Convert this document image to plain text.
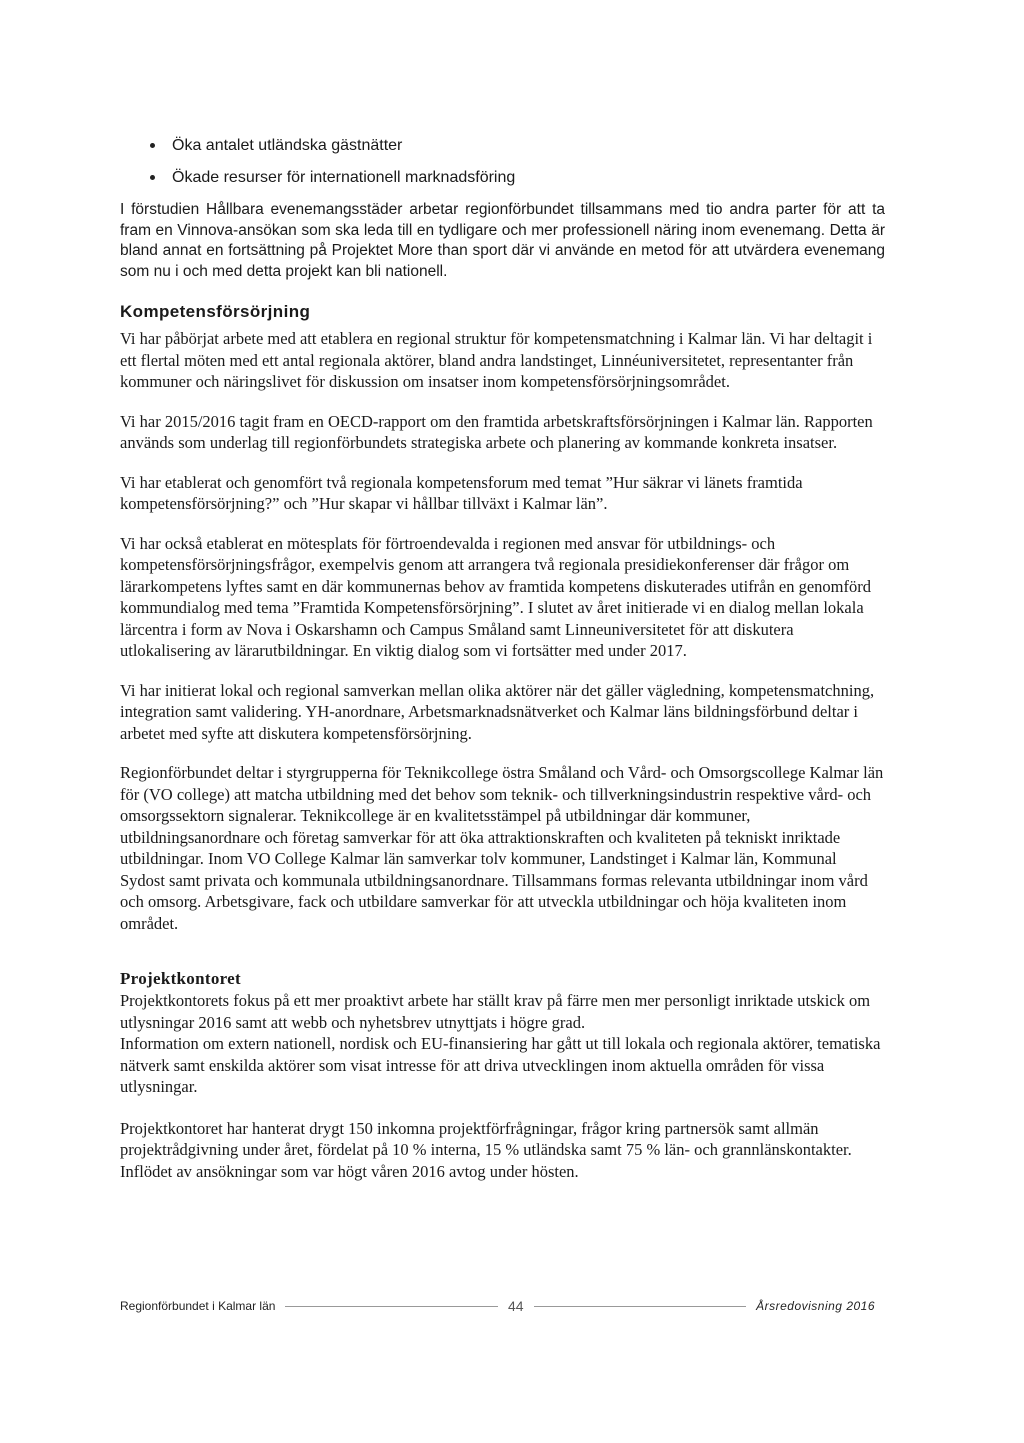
Öka antalet utländska gästnätter
Ökade resurser för internationell marknadsföring

I förstudien Hållbara evenemangsstäder arbetar regionförbundet tillsammans med tio andra parter för att ta fram en Vinnova-ansökan som ska leda till en tydligare och mer professionell näring inom evenemang. Detta är bland annat en fortsättning på Projektet More than sport där vi använde en metod för att utvärdera evenemang som nu i och med detta projekt kan bli nationell.

Kompetensförsörjning

Vi har påbörjat arbete med att etablera en regional struktur för kompetensmatchning i Kalmar län. Vi har deltagit i ett flertal möten med ett antal regionala aktörer, bland andra landstinget, Linnéuniversitetet, representanter från kommuner och näringslivet för diskussion om insatser inom kompetensförsörjningsområdet.

Vi har 2015/2016 tagit fram en OECD-rapport om den framtida arbetskraftsförsörjningen i Kalmar län. Rapporten används som underlag till regionförbundets strategiska arbete och planering av kommande konkreta insatser.

Vi har etablerat och genomfört två regionala kompetensforum med temat ”Hur säkrar vi länets framtida kompetensförsörjning?” och ”Hur skapar vi hållbar tillväxt i Kalmar län”.

Vi har också etablerat en mötesplats för förtroendevalda i regionen med ansvar för utbildnings- och kompetensförsörjningsfrågor, exempelvis genom att arrangera två regionala presidiekonferenser där frågor om lärarkompetens lyftes samt en där kommunernas behov av framtida kompetens diskuterades utifrån en genomförd kommundialog med tema ”Framtida Kompetensförsörjning”. I slutet av året initierade vi en dialog mellan lokala lärcentra i form av Nova i Oskarshamn och Campus Småland samt Linneuniversitetet för att diskutera utlokalisering av lärarutbildningar. En viktig dialog som vi fortsätter med under 2017.

Vi har initierat lokal och regional samverkan mellan olika aktörer när det gäller vägledning, kompetensmatchning, integration samt validering. YH-anordnare, Arbetsmarknadsnätverket och Kalmar läns bildningsförbund deltar i arbetet med syfte att diskutera kompetensförsörjning.

Regionförbundet deltar i styrgrupperna för Teknikcollege östra Småland och Vård- och Omsorgscollege Kalmar län för (VO college) att matcha utbildning med det behov som teknik- och tillverkningsindustrin respektive vård- och omsorgssektorn signalerar. Teknikcollege är en kvalitetsstämpel på utbildningar där kommuner, utbildningsanordnare och företag samverkar för att öka attraktionskraften och kvaliteten på tekniskt inriktade utbildningar. Inom VO College Kalmar län samverkar tolv kommuner, Landstinget i Kalmar län, Kommunal Sydost samt privata och kommunala utbildningsanordnare. Tillsammans formas relevanta utbildningar inom vård och omsorg. Arbetsgivare, fack och utbildare samverkar för att utveckla utbildningar och höja kvaliteten inom området.

Projektkontoret

Projektkontorets fokus på ett mer proaktivt arbete har ställt krav på färre men mer personligt inriktade utskick om utlysningar 2016 samt att webb och nyhetsbrev utnyttjats i högre grad.

Information om extern nationell, nordisk och EU-finansiering har gått ut till lokala och regionala aktörer, tematiska nätverk samt enskilda aktörer som visat intresse för att driva utvecklingen inom aktuella områden för vissa utlysningar.

Projektkontoret har hanterat drygt 150 inkomna projektförfrågningar, frågor kring partnersök samt allmän projektrådgivning under året, fördelat på 10 % interna, 15 % utländska samt 75 % län- och grannlänskontakter. Inflödet av ansökningar som var högt våren 2016 avtog under hösten.

Regionförbundet i Kalmar län	44	Årsredovisning 2016
